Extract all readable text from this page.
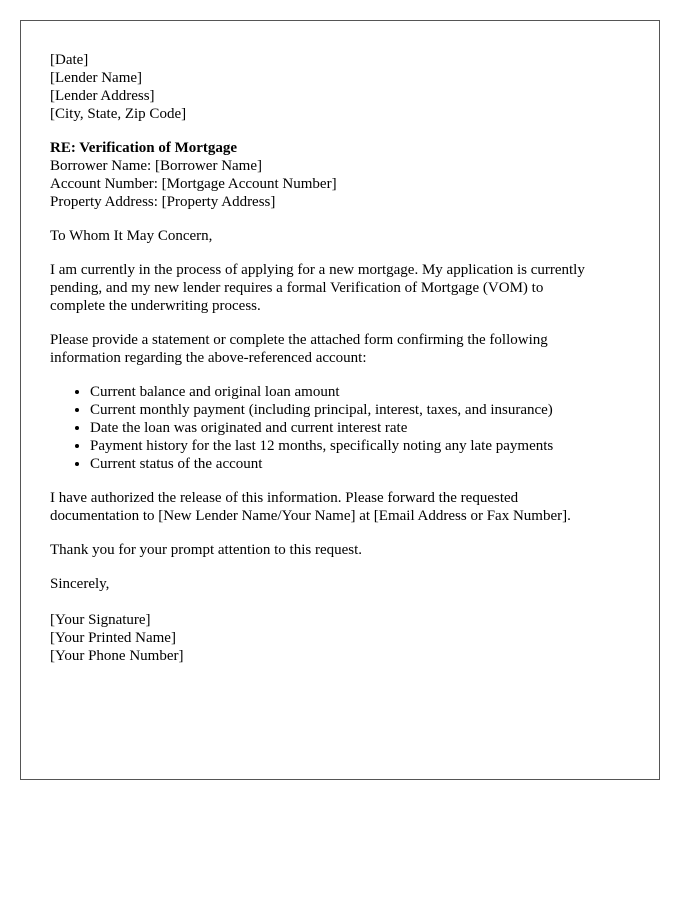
[Date]
[Lender Name]
[Lender Address]
[City, State, Zip Code]
RE: Verification of Mortgage
Borrower Name: [Borrower Name]
Account Number: [Mortgage Account Number]
Property Address: [Property Address]
To Whom It May Concern,
I am currently in the process of applying for a new mortgage. My application is currently
pending, and my new lender requires a formal Verification of Mortgage (VOM) to
complete the underwriting process.
Please provide a statement or complete the attached form confirming the following
information regarding the above-referenced account:
• Current balance and original loan amount
• Current monthly payment (including principal, interest, taxes, and insurance)
• Date the loan was originated and current interest rate
• Payment history for the last 12 months, specifically noting any late payments
• Current status of the account
I have authorized the release of this information. Please forward the requested
documentation to [New Lender Name/Your Name] at [Email Address or Fax Number].
Thank you for your prompt attention to this request.
Sincerely,
[Your Signature]
[Your Printed Name]
[Your Phone Number]
